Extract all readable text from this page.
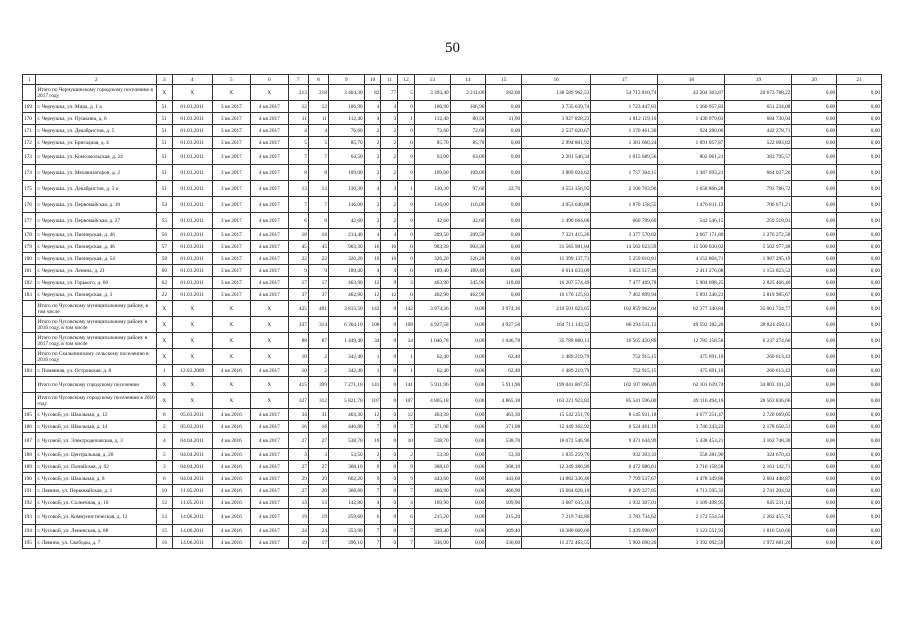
50
1	2	3	4	5	6	7	8	9	10	11	12	13	14	15	16	17	18	19	20	21
	Итого по Чернушинскому городскому поселению в 2017 году	X	X	X	X	213	218	3 404,30	82	77	5	3 393,40	3 211,00	182,60	138 589 962,53	54 713 810,74	43 204 363,87	20 673 788,22	0,00	0,00
169	г. Чернушка, ул. Мира, д. 1 а	51	01.03.2011	3 кв 2017	4 кв 2017	12	12	106,90	4	4	0	106,90	106,90	0,00	3 735 639,74	1 723 447,83	1 360 957,83	651 234,08	0,00	0,00
170	г. Чернушка, ул. Пушкина, д. 6	51	01.03.2011	3 кв 2017	4 кв 2017	11	11	112,40	4	3	1	112,40	80,50	31,90	3 927 828,23	1 812 119,10	1 430 979,03	684 730,04	0,00	0,00
171	г. Чернушка, ул. Декабристов, д. 5	51	01.03.2011	3 кв 2017	4 кв 2017	4	4	76,60	2	2	0	72,60	72,60	0,00	2 537 020,67	1 170 461,30	924 280,06	442 278,71	0,00	0,00
172	г. Чернушка, ул. Бригадная, д. 4	51	01.03.2011	3 кв 2017	4 кв 2017	5	5	85,70	2	2	0	85,70	85,70	0,00	2 994 801,92	1 381 660,24	1 091 057,87	522 083,82	0,00	0,00
173	г. Чернушка, ул. Комсомольская, д. 24	51	01.03.2011	3 кв 2017	4 кв 2017	7	7	64,50	2	2	0	63,00	63,00	0,00	2 201 546,34	1 015 689,56	802 061,21	383 795,57	0,00	0,00
174	г. Чернушка, ул. Механизаторов, д. 2	51	01.03.2011	3 кв 2017	4 кв 2017	8	8	109,00	2	2	0	109,00	109,00	0,00	3 809 024,62	1 757 304,15	1 387 693,21	664 027,26	0,00	0,00
175	г. Чернушка, ул. Декабристов, д. 3 а	51	01.03.2011	3 кв 2017	4 кв 2017	13	13	130,30	4	3	1	130,30	97,60	32,70	4 553 356,95	2 100 703,96	1 658 866,28	793 786,72	0,00	0,00
176	г. Чернушка, ул. Первомайская, д. 18	54	01.03.2011	3 кв 2017	4 кв 2017	7	7	116,00	2	2	0	116,00	116,00	0,00	4 053 640,88	1 870 158,55	1 476 811,12	706 671,21	0,00	0,00
177	г. Чернушка, ул. Первомайская, д. 27	55	01.03.2011	3 кв 2017	4 кв 2017	6	6	42,60	2	2	0	42,60	42,60	0,00	1 490 664,66	660 799,60	542 546,15	259 518,91	0,00	0,00
178	г. Чернушка, ул. Пионерская, д. 46	56	01.03.2011	3 кв 2017	4 кв 2017	18	18	214,40	4	4	0	209,50	209,50	0,00	7 321 415,26	3 377 570,82	2 667 171,80	1 276 272,58	0,00	0,00
179	г. Чернушка, ул. Пионерская, д. 46	57	01.03.2011	3 кв 2017	4 кв 2017	45	45	903,30	16	16	0	903,30	903,30	0,00	31 565 981,04	14 562 623,59	11 500 030,02	5 502 977,48	0,00	0,00
180	г. Чернушка, ул. Пионерская, д. 54	58	01.03.2011	3 кв 2017	4 кв 2017	22	22	326,20	10	10	0	326,20	326,20	0,00	11 399 137,71	5 259 010,81	4 152 804,71	1 987 295,19	0,00	0,00
181	г. Чернушка, ул. Ленина, д. 21	60	01.03.2011	3 кв 2017	4 кв 2017	9	9	189,40	4	4	0	189,40	189,40	0,00	6 614 633,09	3 053 517,49	2 411 276,08	1 153 823,52	0,00	0,00
182	г. Чернушка, ул. Горького, д. 66	62	01.03.2011	3 кв 2017	4 кв 2017	17	17	463,90	12	9	3	463,90	345,90	118,00	16 207 574,49	7 477 409,78	5 904 698,25	2 825 466,46	0,00	0,00
183	г. Чернушка, ул. Пионерская, д. 3	22	01.03.2011	3 кв 2017	4 кв 2017	37	37	462,90	12	12	0	462,90	462,90	0,00	16 176 125,83	7 462 899,94	5 893 240,23	2 819 985,67	0,00	0,00
	Итого по Чусовскому муниципальному району, в том числе	X	X	X	X	425	401	3 813,50	142	0	142	3 974,36	0,00	3 974,36	210 501 023,65	102 859 962,04	62 377 340,84	35 061 724,77	0,00	0,00
	Итого по Чусовскому муниципальному району в 2016 году, в том числе	X	X	X	X	337	314	6 364,10	108	0	108	4 927,58	0,00	4 927,58	164 711 143,52	86 294 511,13	49 592 182,26	28 824 450,11	0,00	0,00
	Итого по Чусовскому муниципальному району в 2017 году, в том числе	X	X	X	X	88	87	1 449,40	34	0	34	1 046,78	0,00	1 046,78	35 789 880,13	16 565 450,89	12 785 158,58	6 237 274,66	0,00	0,00
	Итого по Скальнинскому сельскому поселению в 2016 году	X	X	X	X	10	2	342,40	1	0	1	62,40	0,00	62,40	1 489 219,79	752 915,15	475 691,10	260 613,43	0,00	0,00
184	г. Помянная, ул. Островская, д. 8	1	12.02.2009	4 кв 2016	4 кв 2017	10	2	342,40	1	0	1	62,40	0,00	62,40	1 489 219,79	752 915,15	475 691,10	260 613,43	0,00	0,00
	Итого по Чусовскому городскому поселению	X	X	X	X	415	399	7 271,10	141	0	141	5 911,96	0,00	5 911,96	199 041 807,95	102 107 066,89	62 101 639,74	34 803 101,32	0,00	0,00
	Итого по Чусовскому городскому поселению в 2016 году	X	X	X	X	327	312	5 821,70	107	0	107	4 865,18	0,00	4 865,18	163 221 923,82	85 541 596,00	49 116 494,16	28 563 836,66	0,00	0,00
185	г. Чусовой, ул. Школьная, д. 12	8	05.03.2011	4 кв 2016	4 кв 2017	34	31	463,30	12	0	12	463,30	0,00	463,30	15 542 251,70	8 145 931,18	4 677 251,47	2 720 069,05	0,00	0,00
186	г. Чусовой, ул. Школьная, д. 14	2	05.03.2011	4 кв 2016	4 кв 2017	16	16	446,80	7	0	7	371,08	0,00	371,08	12 449 362,92	6 524 461,19	3 746 243,22	2 178 658,51	0,00	0,00
187	г. Чусовой, ул. Электродеповская, д. 3	4	04.04.2011	4 кв 2016	4 кв 2017	27	27	538,70	10	0	10	538,70	0,00	538,70	18 072 546,96	9 471 644,99	5 438 453,21	3 162 748,30	0,00	0,00
188	г. Чусовой, ул. Центральная, д. 20	5	04.04.2011	4 кв 2016	4 кв 2017	3	3	53,50	2	0	2	53,30	0,00	53,30	1 835 259,70	932 303,33	558 281,90	324 670,43	0,00	0,00
189	г. Чусовой, ул. Попийская, д. 92	3	04.04.2011	4 кв 2016	4 кв 2017	27	27	368,10	9	0	9	368,10	0,00	368,10	12 349 386,90	6 472 086,61	3 716 158,58	2 161 142,71	0,00	0,00
190	г. Чусовой, ул. Школьная, д. 8	6	04.04.2011	4 кв 2016	4 кв 2017	29	29	662,20	9	0	9	443,60	0,00	443,60	14 882 336,40	7 799 537,67	4 478 349,86	2 604 448,87	0,00	0,00
191	г. Лямино, ул. Первомайская, д. 1	10	11.05.2011	4 кв 2016	4 кв 2017	27	20	368,80	7	0	7	466,90	0,00	466,90	15 664 028,10	8 209 227,85	4 713 595,33	2 741 204,92	0,00	0,00
192	г. Чусовой, ул. Солнечная, д. 10	12	11.05.2011	4 кв 2016	4 кв 2017	13	13	142,80	4	0	4	109,90	0,00	109,90	3 687 035,10	1 932 307,01	1 109 498,95	645 231,14	0,00	0,00
193	г. Чусовой, ул. Коммунистическая, д. 12	13	14.06.2011	4 кв 2016	4 кв 2017	19	19	259,60	6	0	6	215,20	0,00	215,20	7 219 744,80	3 783 734,62	2 172 554,54	1 263 455,74	0,00	0,00
194	г. Чусовой, ул. Ленинская, д. 88	15	14.06.2011	4 кв 2016	4 кв 2017	24	24	353,90	7	0	7	309,40	0,00	309,40	10 380 060,60	5 439 998,07	3 123 551,93	1 816 510,60	0,00	0,00
195	г. Лямино, ул. Свободы, д. 7	16	14.06.2011	4 кв 2016	4 кв 2017	19	17	396,10	7	0	7	336,00	0,00	336,00	11 272 463,55	5 903 690,20	3 392 092,59	1 972 681,20	0,00	0,00
